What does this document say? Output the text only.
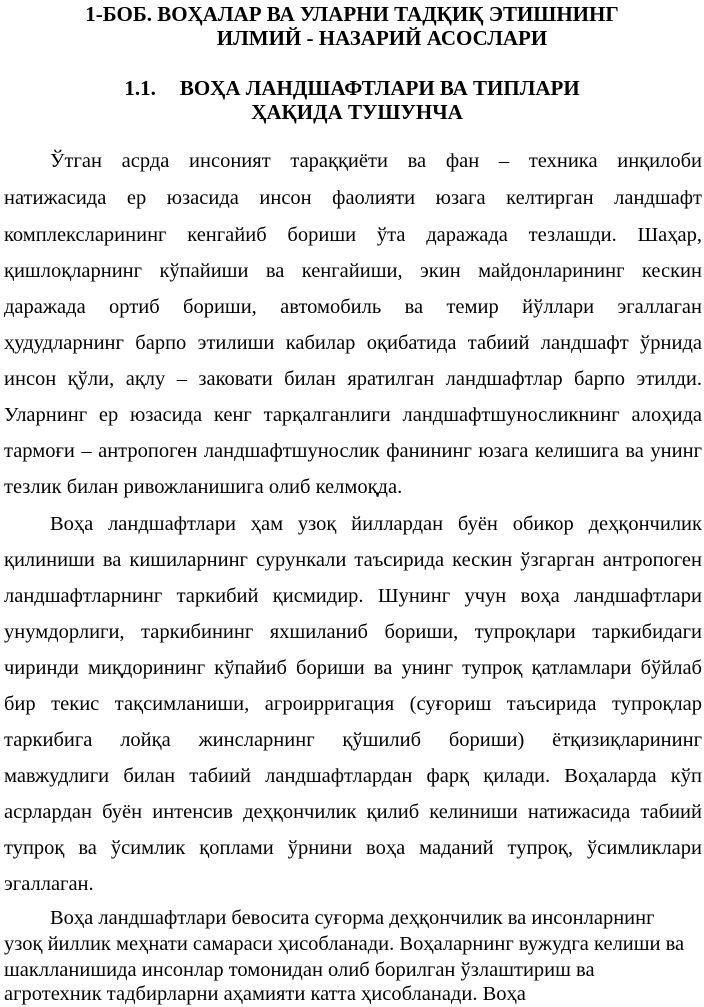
1-БОБ. ВОҲАЛАР ВА УЛАРНИ ТАДҚИҚ ЭТИШНИНГ
ИЛМИЙ - НАЗАРИЙ АСОСЛАРИ
1.1. ВОҲА ЛАНДШАФТЛАРИ ВА ТИПЛАРИ
ҲАҚИДА ТУШУНЧА
Ўтган асрда инсоният тараққиёти ва фан – техника инқилоби
натижасида ер юзасида инсон фаолияти юзага келтирган ландшафт
комплексларининг кенгайиб бориши ўта даражада тезлашди. Шаҳар,
қишлоқларнинг кўпайиши ва кенгайиши, экин майдонларининг кескин
даражада ортиб бориши, автомобиль ва темир йўллари эгаллаган
ҳудудларнинг барпо этилиши кабилар оқибатида табиий ландшафт ўрнида
инсон қўли, ақлу – заковати билан яратилган ландшафтлар барпо этилди.
Уларнинг ер юзасида кенг тарқалганлиги ландшафтшуносликнинг алоҳида
тармоғи – антропоген ландшафтшунослик фанининг юзага келишига ва унинг
тезлик билан ривожланишига олиб келмоқда.
Воҳа ландшафтлари ҳам узоқ йиллардан буён обикор деҳқончилик
қилиниши ва кишиларнинг сурункали таъсирида кескин ўзгарган антропоген
ландшафтларнинг таркибий қисмидир. Шунинг учун воҳа ландшафтлари
унумдорлиги, таркибининг яхшиланиб бориши, тупроқлари таркибидаги
чиринди миқдорининг кўпайиб бориши ва унинг тупроқ қатламлари бўйлаб
бир текис тақсимланиши, агроирригация (суғориш таъсирида тупроқлар
таркибига лойқа жинсларнинг қўшилиб бориши) ётқизиқларининг
мавжудлиги билан табиий ландшафтлардан фарқ қилади. Воҳаларда кўп
асрлардан буён интенсив деҳқончилик қилиб келиниши натижасида табиий
тупроқ ва ўсимлик қоплами ўрнини воҳа маданий тупроқ, ўсимликлари
эгаллаган.
Воҳа ландшафтлари бевосита суғорма деҳқончилик ва инсонларнинг
узоқ йиллик меҳнати самараси ҳисобланади. Воҳаларнинг вужудга келиши ва
шаклланишида инсонлар томонидан олиб борилган ўзлаштириш ва
агротехник тадбирларни аҳамияти катта ҳисобланади. Воҳа
